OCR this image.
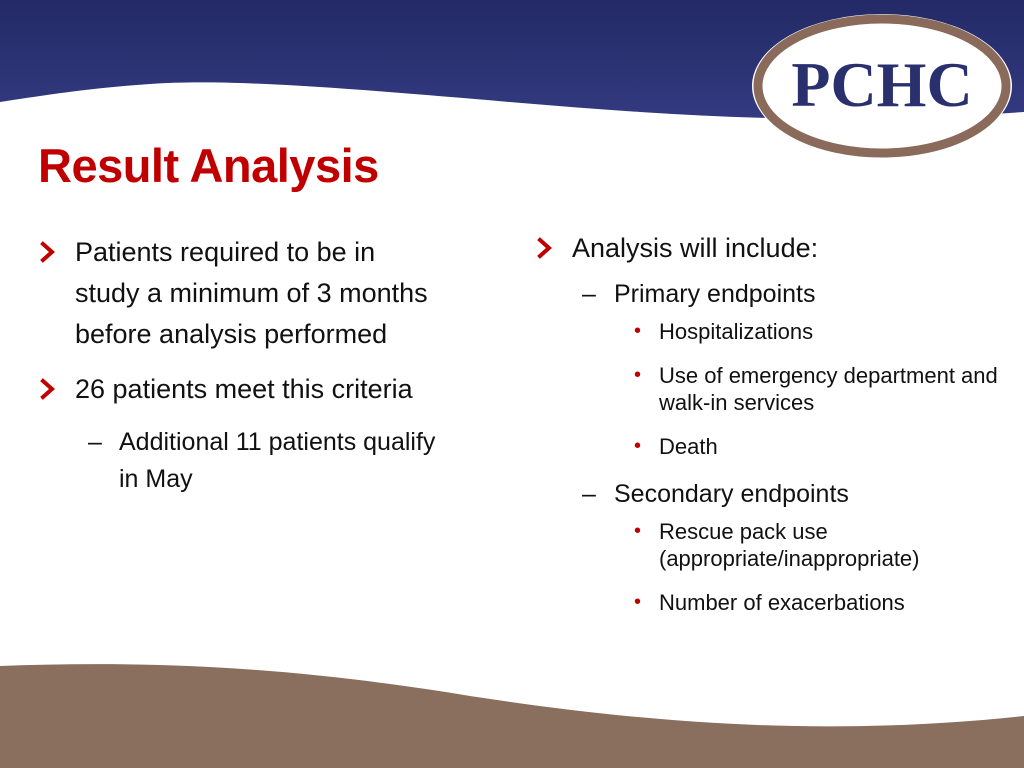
PCHC
Result Analysis
Patients required to be in study a minimum of 3 months before analysis performed
26 patients meet this criteria
– Additional 11 patients qualify in May
Analysis will include:
– Primary endpoints
• Hospitalizations
• Use of emergency department and walk-in services
• Death
– Secondary endpoints
• Rescue pack use (appropriate/inappropriate)
• Number of exacerbations
